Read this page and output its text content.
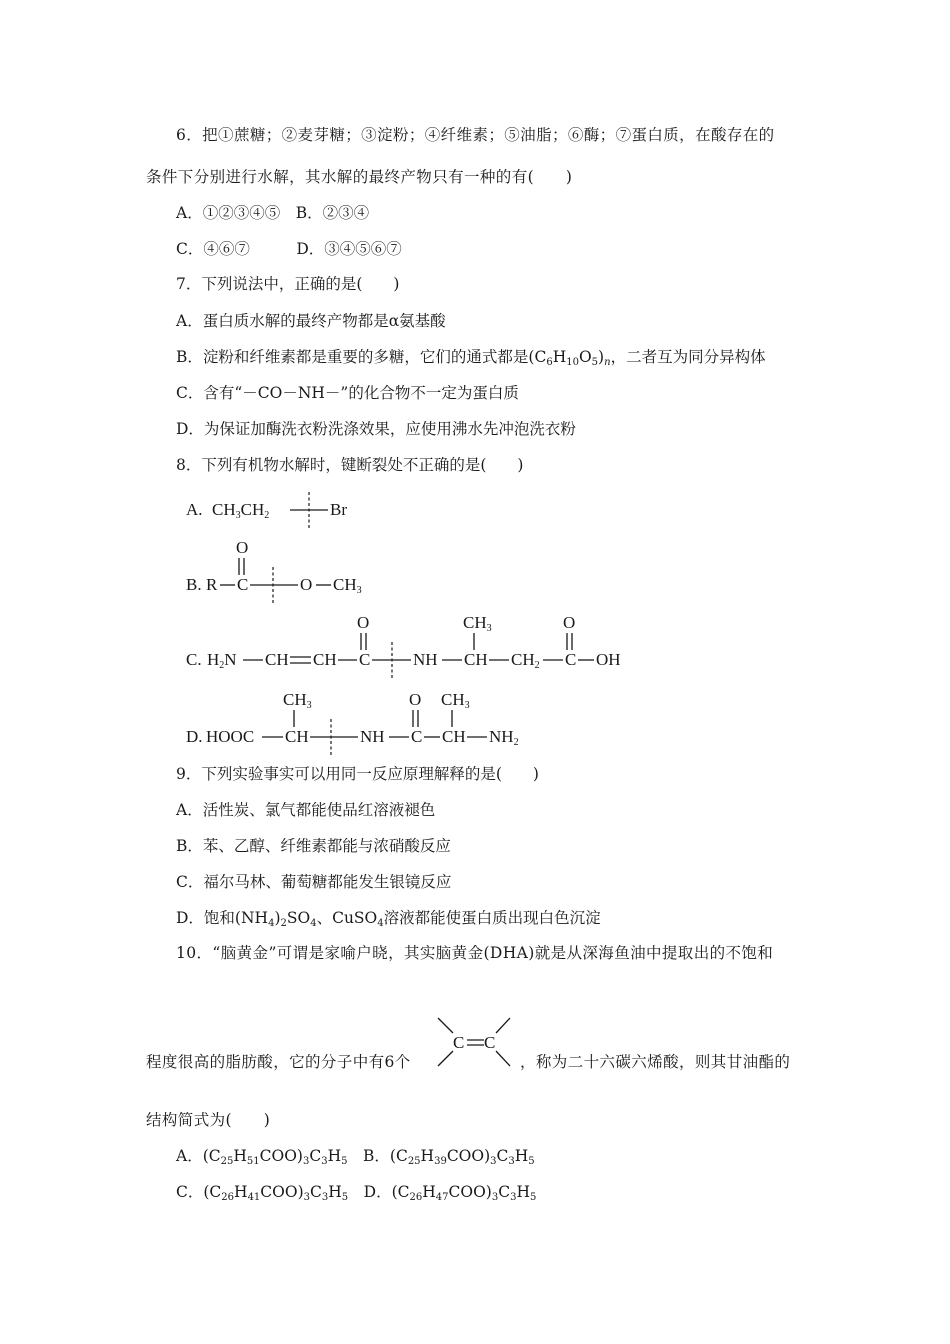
6．把①蔗糖；②麦芽糖；③淀粉；④纤维素；⑤油脂；⑥酶；⑦蛋白质，在酸存在的
条件下分别进行水解，其水解的最终产物只有一种的有(　　)
A．①②③④⑤　B．②③④
C．④⑥⑦　　　D．③④⑤⑥⑦
7．下列说法中，正确的是(　　)
A．蛋白质水解的最终产物都是α氨基酸
B．淀粉和纤维素都是重要的多糖，它们的通式都是$(C_6H_{10}O_5)_n$，二者互为同分异构体
C．含有“－CO－NH－”的化合物不一定为蛋白质
D．为保证加酶洗衣粉洗涤效果，应使用沸水先冲泡洗衣粉
8．下列有机物水解时，键断裂处不正确的是(　　)
A. $CH_3CH_2$	Br
O
B. R C	O $CH_3$
O	$CH_3$	O
C. $H_2N$ CH CH C	NH CH $CH_2$ C OH
$CH_3$	O $CH_3$
D. HOOC CH	NH C CH $NH_2$
9．下列实验事实可以用同一反应原理解释的是(　　)
A．活性炭、氯气都能使品红溶液褪色
B．苯、乙醇、纤维素都能与浓硝酸反应
C．福尔马林、葡萄糖都能发生银镜反应
D．饱和$(NH_4)_2SO_4$、CuSO$_4$溶液都能使蛋白质出现白色沉淀
10．“脑黄金”可谓是家喻户晓，其实脑黄金(DHA)就是从深海鱼油中提取出的不饱和
程度很高的脂肪酸，它的分子中有6个
C C
，称为二十六碳六烯酸，则其甘油酯的
结构简式为(　　)
A．$(C_{25}H_{51}COO)_3C_3H_5$　 B．$(C_{25}H_{39}COO)_3C_3H_5$
C．$(C_{26}H_{41}COO)_3C_3H_5$　 D．$(C_{26}H_{47}COO)_3C_3H_5$
